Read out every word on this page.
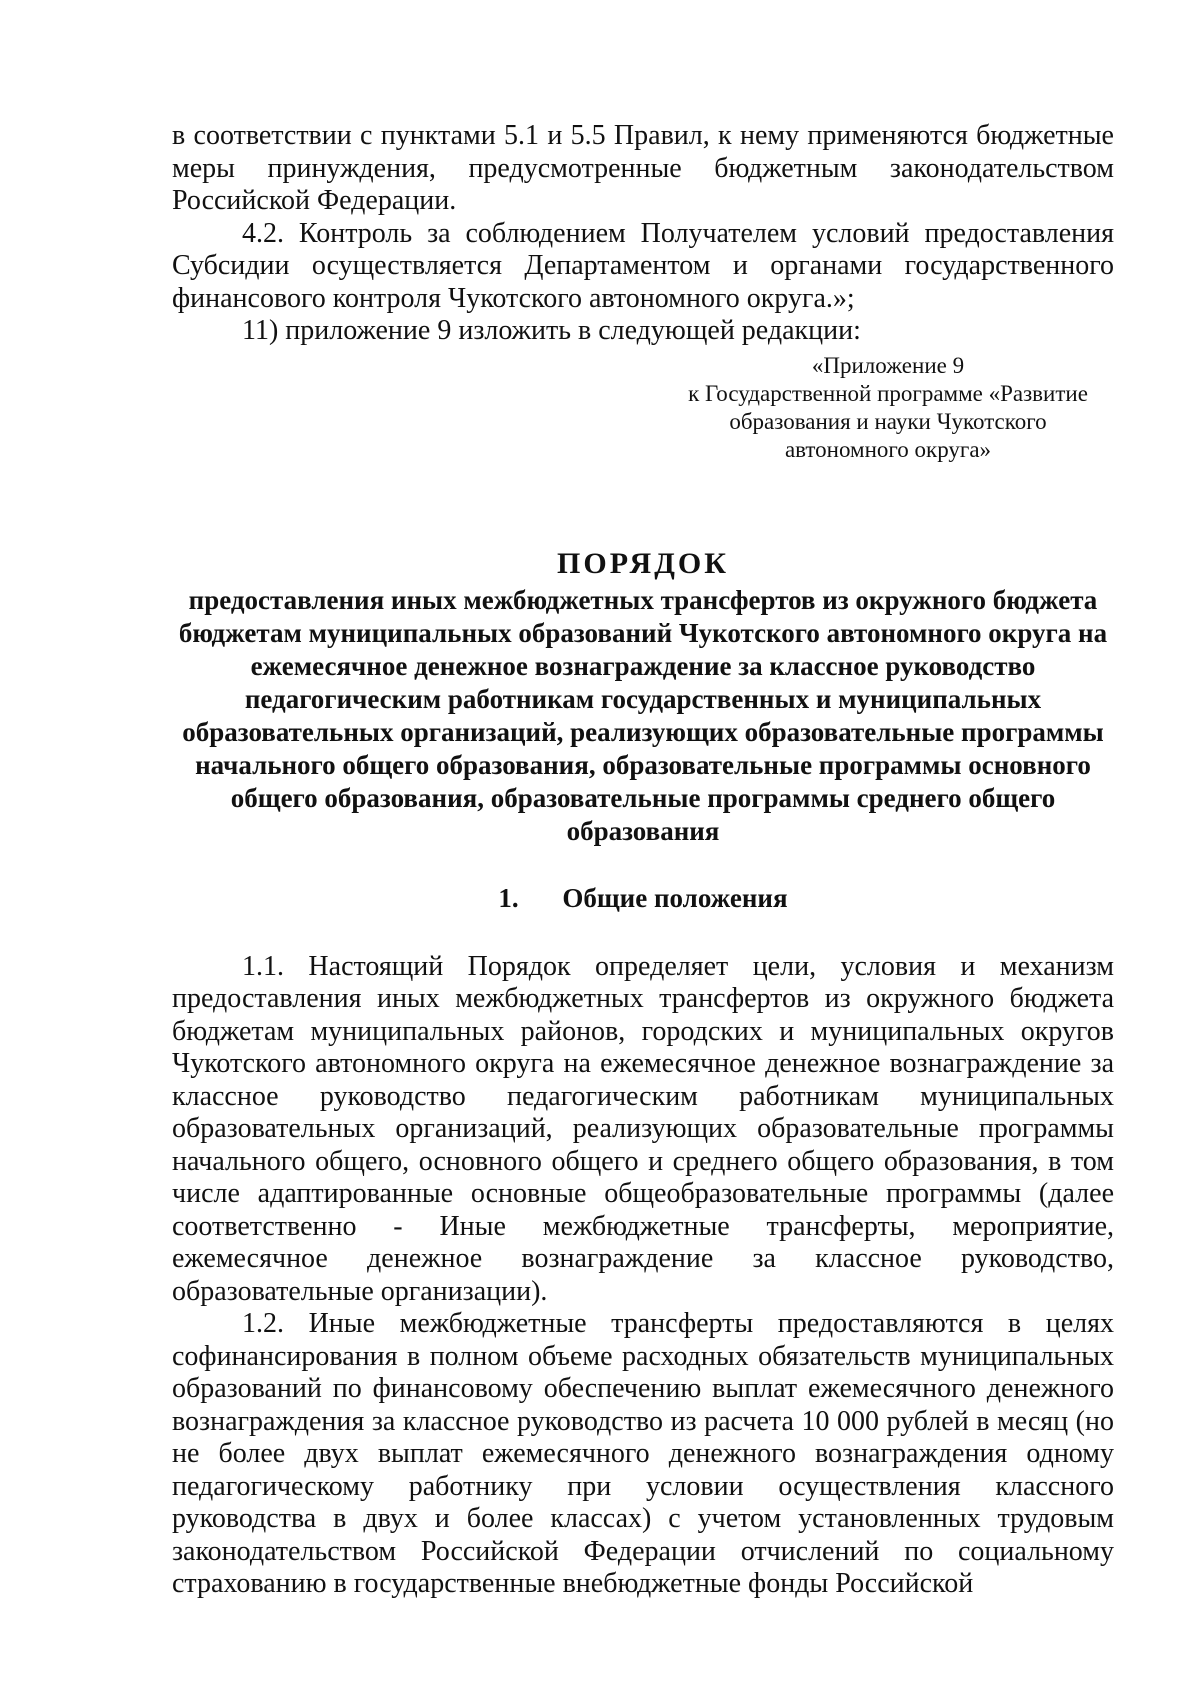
в соответствии с пунктами 5.1 и 5.5 Правил, к нему применяются бюджетные меры принуждения, предусмотренные бюджетным законодательством Российской Федерации.

4.2. Контроль за соблюдением Получателем условий предоставления Субсидии осуществляется Департаментом и органами государственного финансового контроля Чукотского автономного округа.»;

11) приложение 9 изложить в следующей редакции:

«Приложение 9
к Государственной программе «Развитие
образования и науки Чукотского
автономного округа»
ПОРЯДОК
предоставления иных межбюджетных трансфертов из окружного бюджета бюджетам муниципальных образований Чукотского автономного округа на ежемесячное денежное вознаграждение за классное руководство педагогическим работникам государственных и муниципальных образовательных организаций, реализующих образовательные программы начального общего образования, образовательные программы основного общего образования, образовательные программы среднего общего образования
1. Общие положения

1.1. Настоящий Порядок определяет цели, условия и механизм предоставления иных межбюджетных трансфертов из окружного бюджета бюджетам муниципальных районов, городских и муниципальных округов Чукотского автономного округа на ежемесячное денежное вознаграждение за классное руководство педагогическим работникам муниципальных образовательных организаций, реализующих образовательные программы начального общего, основного общего и среднего общего образования, в том числе адаптированные основные общеобразовательные программы (далее соответственно - Иные межбюджетные трансферты, мероприятие, ежемесячное денежное вознаграждение за классное руководство, образовательные организации).

1.2. Иные межбюджетные трансферты предоставляются в целях софинансирования в полном объеме расходных обязательств муниципальных образований по финансовому обеспечению выплат ежемесячного денежного вознаграждения за классное руководство из расчета 10 000 рублей в месяц (но не более двух выплат ежемесячного денежного вознаграждения одному педагогическому работнику при условии осуществления классного руководства в двух и более классах) с учетом установленных трудовым законодательством Российской Федерации отчислений по социальному страхованию в государственные внебюджетные фонды Российской
